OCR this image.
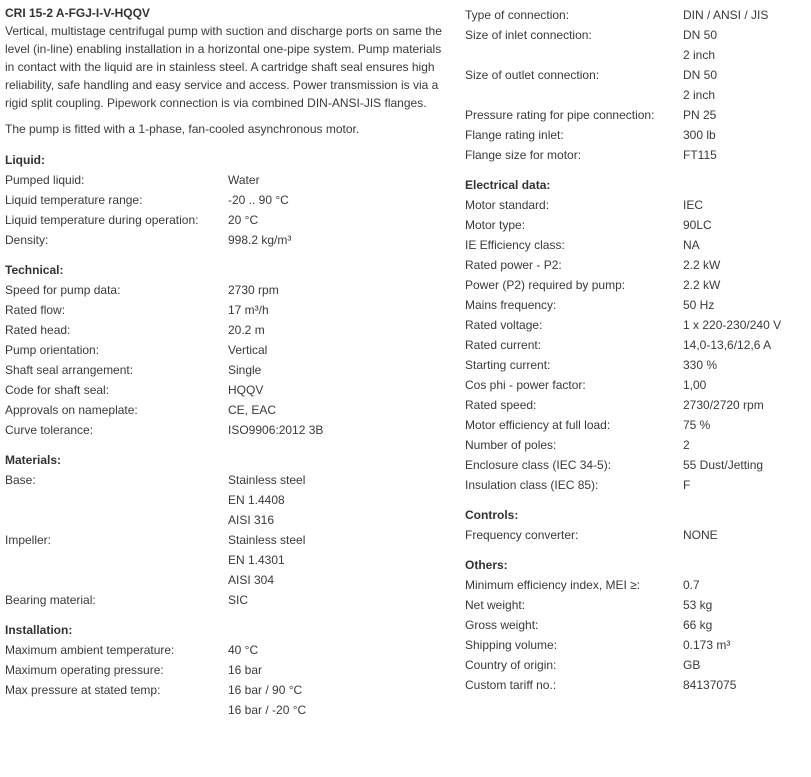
CRI 15-2 A-FGJ-I-V-HQQV

Vertical, multistage centrifugal pump with suction and discharge ports on same the level (in-line) enabling installation in a horizontal one-pipe system. Pump materials in contact with the liquid are in stainless steel. A cartridge shaft seal ensures high reliability, safe handling and easy service and access. Power transmission is via a rigid split coupling. Pipework connection is via combined DIN-ANSI-JIS flanges.

The pump is fitted with a 1-phase, fan-cooled asynchronous motor.

Liquid:
Pumped liquid:	Water
Liquid temperature range:	-20 .. 90 °C
Liquid temperature during operation:	20 °C
Density:	998.2 kg/m³
Technical:
Speed for pump data:	2730 rpm
Rated flow:	17 m³/h
Rated head:	20.2 m
Pump orientation:	Vertical
Shaft seal arrangement:	Single
Code for shaft seal:	HQQV
Approvals on nameplate:	CE, EAC
Curve tolerance:	ISO9906:2012 3B
Materials:
Base:	Stainless steel
EN 1.4408
AISI 316
Impeller:	Stainless steel
EN 1.4301
AISI 304
Bearing material:	SIC
Installation:
Maximum ambient temperature:	40 °C
Maximum operating pressure:	16 bar
Max pressure at stated temp:	16 bar / 90 °C
16 bar / -20 °C
Type of connection:	DIN / ANSI / JIS
Size of inlet connection:	DN 50
2 inch
Size of outlet connection:	DN 50
2 inch
Pressure rating for pipe connection:	PN 25
Flange rating inlet:	300 lb
Flange size for motor:	FT115
Electrical data:
Motor standard:	IEC
Motor type:	90LC
IE Efficiency class:	NA
Rated power - P2:	2.2 kW
Power (P2) required by pump:	2.2 kW
Mains frequency:	50 Hz
Rated voltage:	1 x 220-230/240 V
Rated current:	14,0-13,6/12,6 A
Starting current:	330 %
Cos phi - power factor:	1,00
Rated speed:	2730/2720 rpm
Motor efficiency at full load:	75 %
Number of poles:	2
Enclosure class (IEC 34-5):	55 Dust/Jetting
Insulation class (IEC 85):	F
Controls:
Frequency converter:	NONE
Others:
Minimum efficiency index, MEI ≥:	0.7
Net weight:	53 kg
Gross weight:	66 kg
Shipping volume:	0.173 m³
Country of origin:	GB
Custom tariff no.:	84137075
